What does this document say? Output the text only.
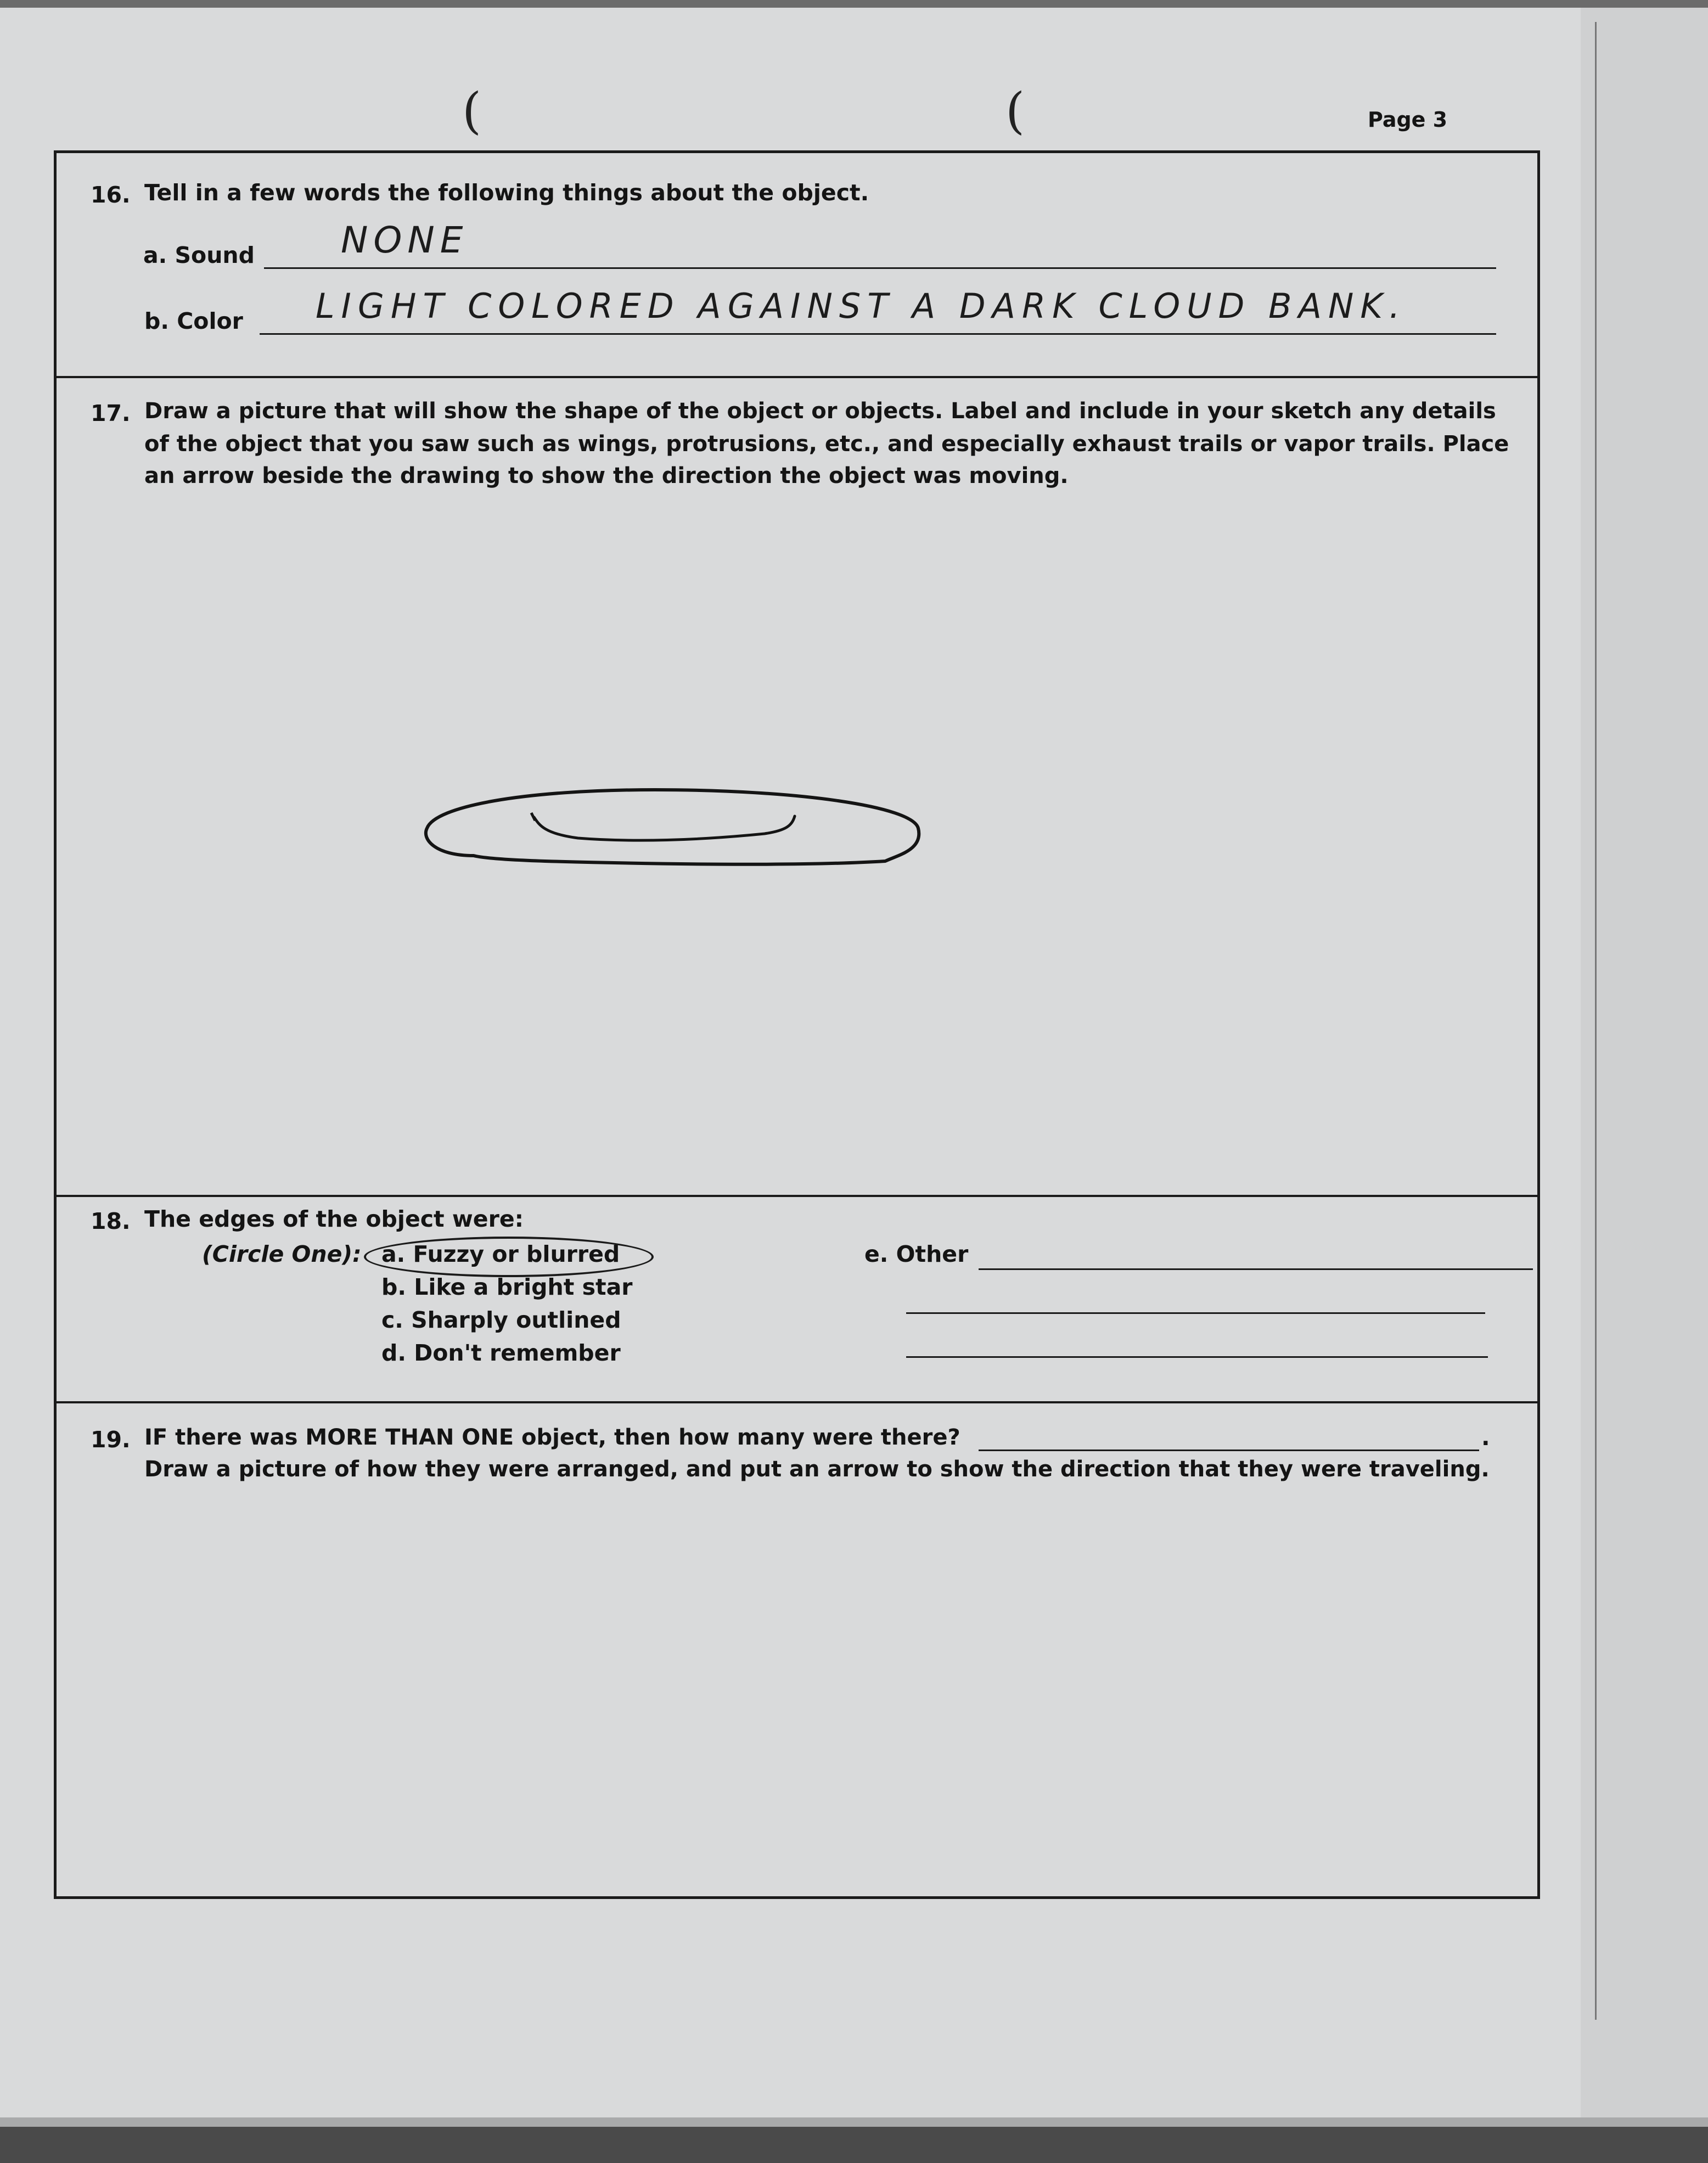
(	(	Page 3
16. Tell in a few words the following things about the object.
a. Sound NONE
b. Color LIGHT COLORED AGAINST A DARK CLOUD BANK.
17. Draw a picture that will show the shape of the object or objects. Label and include in your sketch any details
of the object that you saw such as wings, protrusions, etc., and especially exhaust trails or vapor trails. Place
an arrow beside the drawing to show the direction the object was moving.
18. The edges of the object were:
(Circle One): a. Fuzzy or blurred
b. Like a bright star
c. Sharply outlined
d. Don't remember
e. Other
19. IF there was MORE THAN ONE object, then how many were there?	.
Draw a picture of how they were arranged, and put an arrow to show the direction that they were traveling.
